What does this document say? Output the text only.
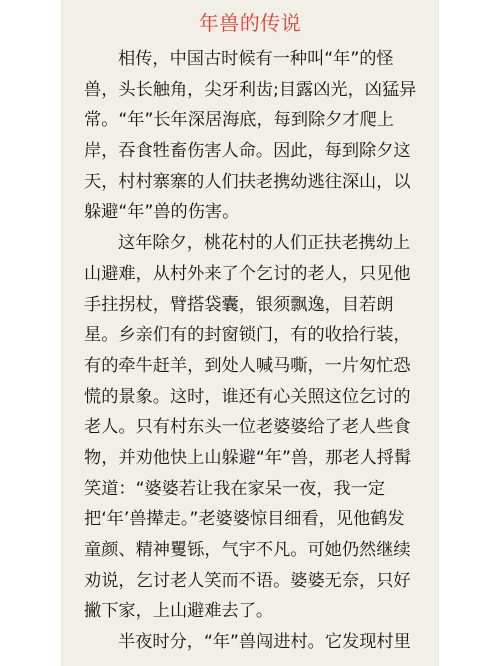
年兽的传说
相传，中国古时候有一种叫“年”的怪
兽，头长触角，尖牙利齿;目露凶光，凶猛异
常。“年”长年深居海底，每到除夕才爬上
岸，吞食牲畜伤害人命。因此，每到除夕这
天，村村寨寨的人们扶老携幼逃往深山，以
躲避“年”兽的伤害。
这年除夕，桃花村的人们正扶老携幼上
山避难，从村外来了个乞讨的老人，只见他
手拄拐杖，臂搭袋囊，银须飘逸，目若朗
星。乡亲们有的封窗锁门，有的收拾行装，
有的牵牛赶羊，到处人喊马嘶，一片匆忙恐
慌的景象。这时，谁还有心关照这位乞讨的
老人。只有村东头一位老婆婆给了老人些食
物，并劝他快上山躲避“年”兽，那老人捋髯
笑道：“婆婆若让我在家呆一夜，我一定
把‘年’兽撵走。”老婆婆惊目细看，见他鹤发
童颜、精神矍铄，气宇不凡。可她仍然继续
劝说，乞讨老人笑而不语。婆婆无奈，只好
撇下家，上山避难去了。
半夜时分，“年”兽闯进村。它发现村里
